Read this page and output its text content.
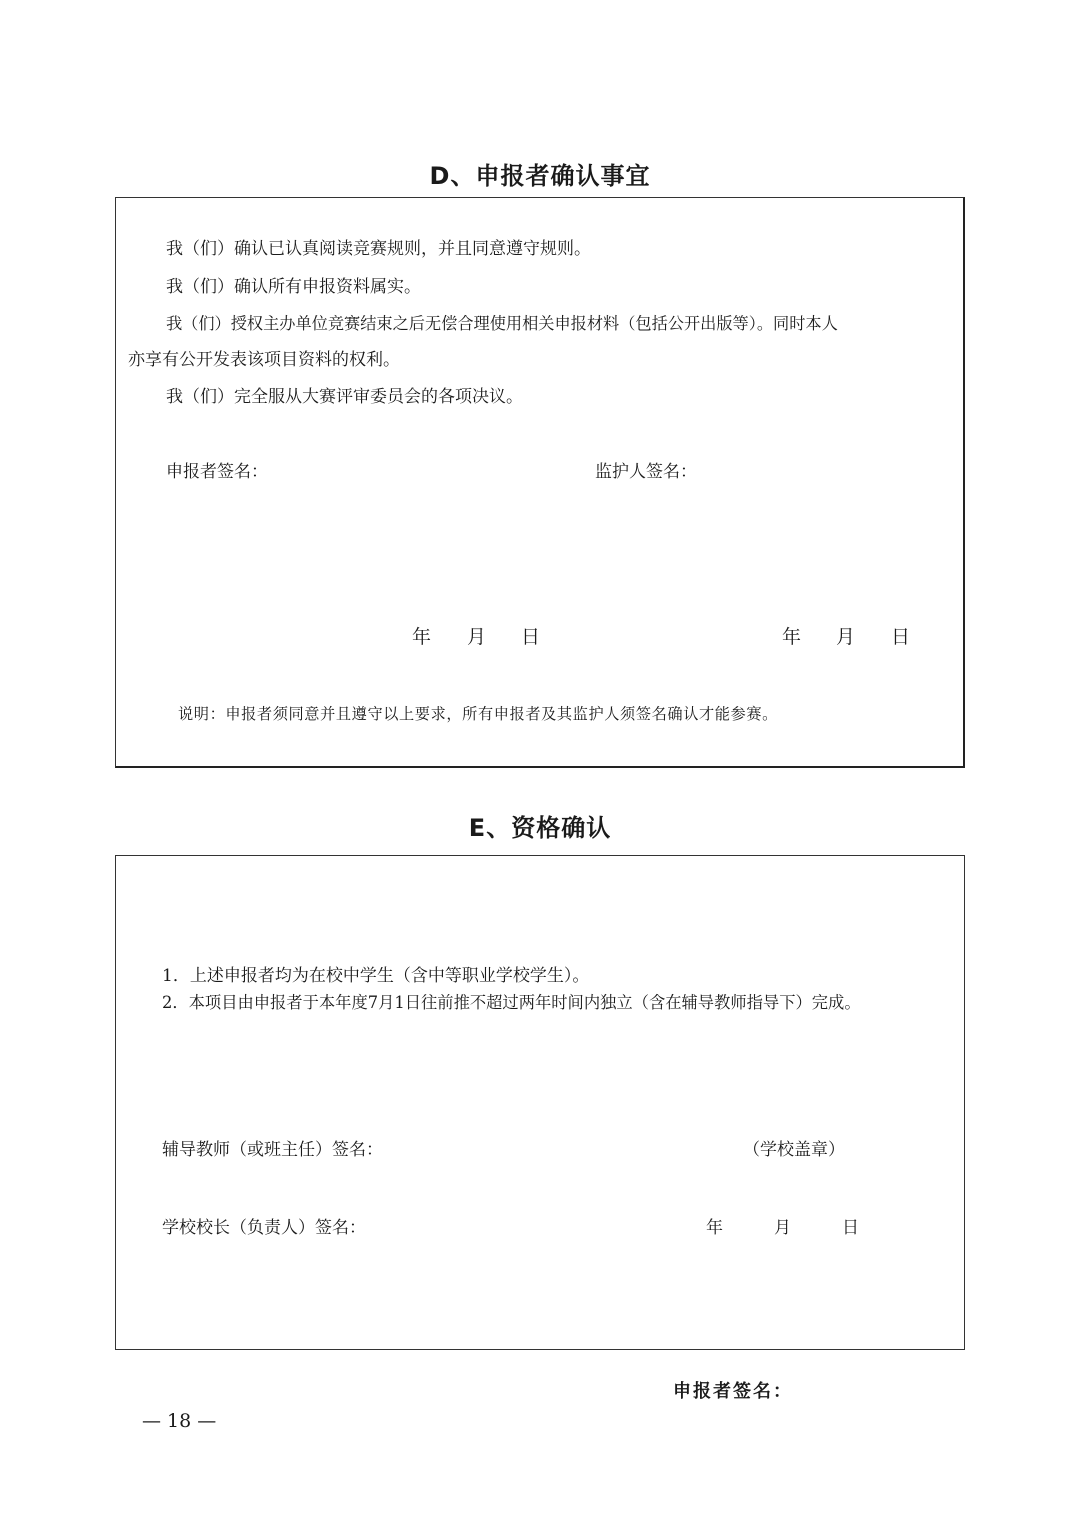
D、申报者确认事宜
我（们）确认已认真阅读竞赛规则，并且同意遵守规则。
我（们）确认所有申报资料属实。
我（们）授权主办单位竞赛结束之后无偿合理使用相关申报材料（包括公开出版等）。同时本人
亦享有公开发表该项目资料的权利。
我（们）完全服从大赛评审委员会的各项决议。
申报者签名：	监护人签名：
年 月 日	年 月 日
说明：申报者须同意并且遵守以上要求，所有申报者及其监护人须签名确认才能参赛。
E、资格确认
1．上述申报者均为在校中学生（含中等职业学校学生）。
2．本项目由申报者于本年度7月1日往前推不超过两年时间内独立（含在辅导教师指导下）完成。
辅导教师（或班主任）签名：	（学校盖章）
学校校长（负责人）签名：	年	月	日
申报者签名：
— 18 —
